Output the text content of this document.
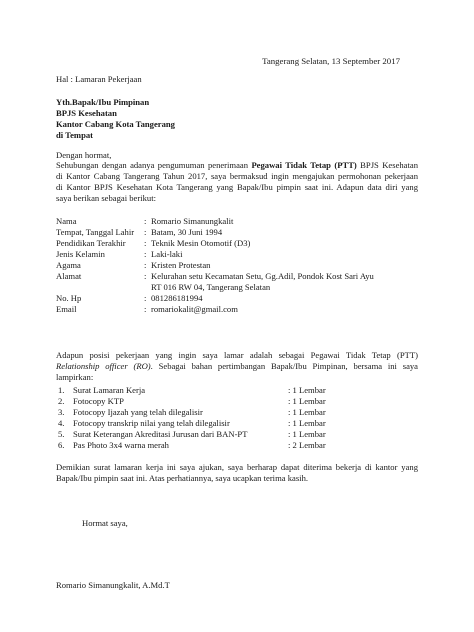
Tangerang Selatan, 13 September 2017
Hal : Lamaran Pekerjaan
Yth.Bapak/Ibu Pimpinan
BPJS Kesehatan
Kantor Cabang Kota Tangerang
di Tempat
Dengan hormat,
Sehubungan dengan adanya pengumuman penerimaan Pegawai Tidak Tetap (PTT) BPJS Kesehatan
di Kantor Cabang Tangerang Tahun 2017, saya bermaksud ingin mengajukan permohonan pekerjaan
di Kantor BPJS Kesehatan Kota Tangerang yang Bapak/Ibu pimpin saat ini. Adapun data diri yang
saya berikan sebagai berikut:
Nama	: Romario Simanungkalit
Tempat, Tanggal Lahir : Batam, 30 Juni 1994
Pendidikan Terakhir : Teknik Mesin Otomotif (D3)
Jenis Kelamin	: Laki-laki
Agama	: Kristen Protestan
Alamat	: Kelurahan setu Kecamatan Setu, Gg.Adil, Pondok Kost Sari Ayu
RT 016 RW 04, Tangerang Selatan
No. Hp	: 081286181994
Email	: romariokalit@gmail.com
Adapun posisi pekerjaan yang ingin saya lamar adalah sebagai Pegawai Tidak Tetap (PTT)
Relationship officer (RO). Sebagai bahan pertimbangan Bapak/Ibu Pimpinan, bersama ini saya
lampirkan:
1. Surat Lamaran Kerja	: 1 Lembar
2. Fotocopy KTP	: 1 Lembar
3. Fotocopy Ijazah yang telah dilegalisir	: 1 Lembar
4. Fotocopy transkrip nilai yang telah dilegalisir	: 1 Lembar
5. Surat Keterangan Akreditasi Jurusan dari BAN-PT	: 1 Lembar
6. Pas Photo 3x4 warna merah	: 2 Lembar
Demikian surat lamaran kerja ini saya ajukan, saya berharap dapat diterima bekerja di kantor yang
Bapak/Ibu pimpin saat ini. Atas perhatiannya, saya ucapkan terima kasih.
Hormat saya,
Romario Simanungkalit, A.Md.T
